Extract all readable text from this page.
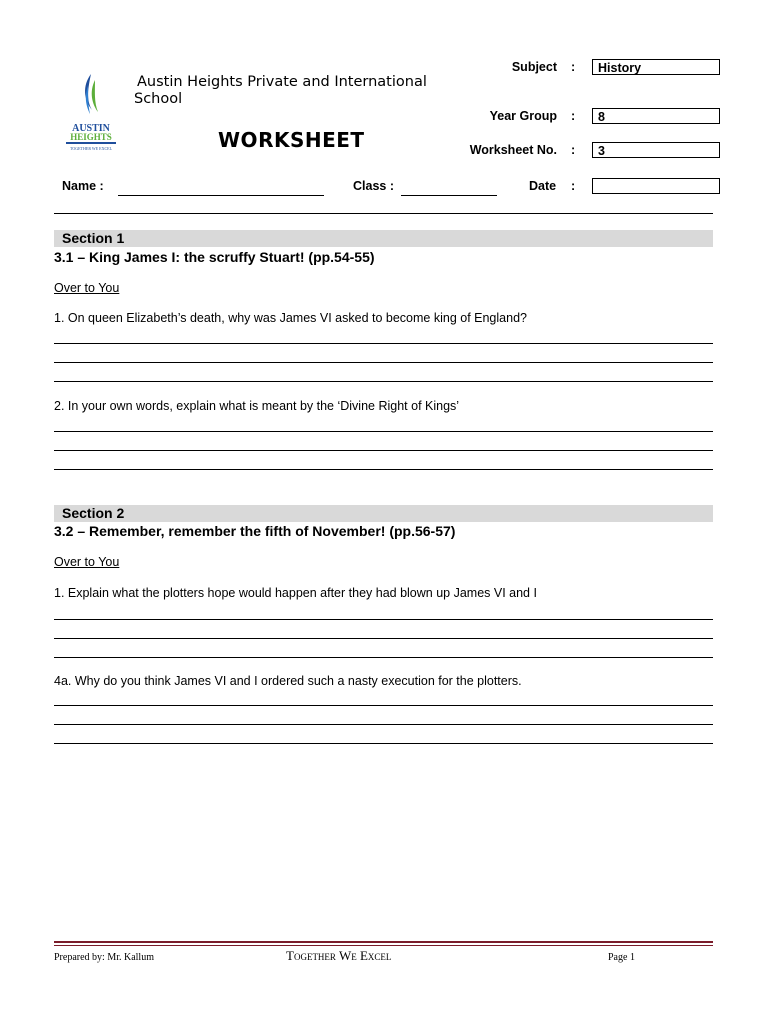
AUSTIN
HEIGHTS
TOGETHER WE EXCEL
Austin Heights Private and International
School
WORKSHEET
Subject :	History
Year Group :	8
Worksheet No. :	3
Name :	Class :	Date :
Section 1
3.1 – King James I: the scruffy Stuart! (pp.54-55)
Over to You
1. On queen Elizabeth’s death, why was James VI asked to become king of England?
2. In your own words, explain what is meant by the ‘Divine Right of Kings’
Section 2
3.2 – Remember, remember the fifth of November! (pp.56-57)
Over to You
1. Explain what the plotters hope would happen after they had blown up James VI and I
4a. Why do you think James VI and I ordered such a nasty execution for the plotters.
Prepared by: Mr. Kallum	Together We Excel	Page 1
